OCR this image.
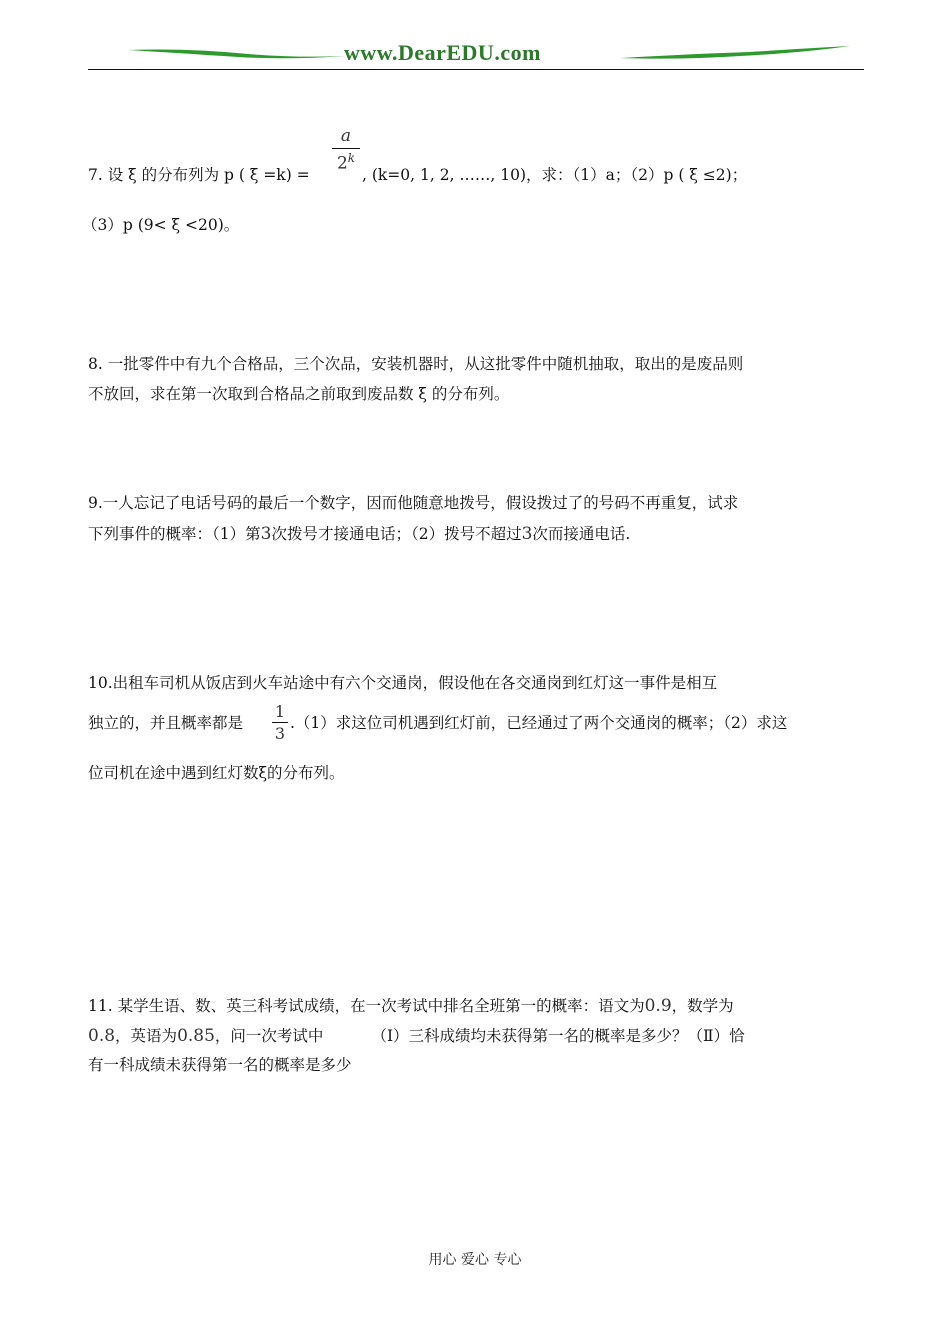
www.DearEDU.com
7. 设 ξ 的分布列为 p ( ξ =k) =
a
2$^k$
, (k=0, 1, 2, ……, 10)，求：（1）a；（2）p ( ξ ≤2)；
（3）p (9< ξ <20)。
8. 一批零件中有九个合格品，三个次品，安装机器时，从这批零件中随机抽取，取出的是废品则
不放回，求在第一次取到合格品之前取到废品数 ξ 的分布列。
9.一人忘记了电话号码的最后一个数字，因而他随意地拨号，假设拨过了的号码不再重复，试求
下列事件的概率：（1）第3次拨号才接通电话；（2）拨号不超过3次而接通电话.
10.出租车司机从饭店到火车站途中有六个交通岗，假设他在各交通岗到红灯这一事件是相互
独立的，并且概率都是
1
3
.（1）求这位司机遇到红灯前，已经通过了两个交通岗的概率；（2）求这
位司机在途中遇到红灯数ξ的分布列。
11. 某学生语、数、英三科考试成绩，在一次考试中排名全班第一的概率：语文为0.9，数学为
0.8，英语为0.85，问一次考试中	（Ⅰ）三科成绩均未获得第一名的概率是多少？（Ⅱ）恰
有一科成绩未获得第一名的概率是多少
用心 爱心 专心
